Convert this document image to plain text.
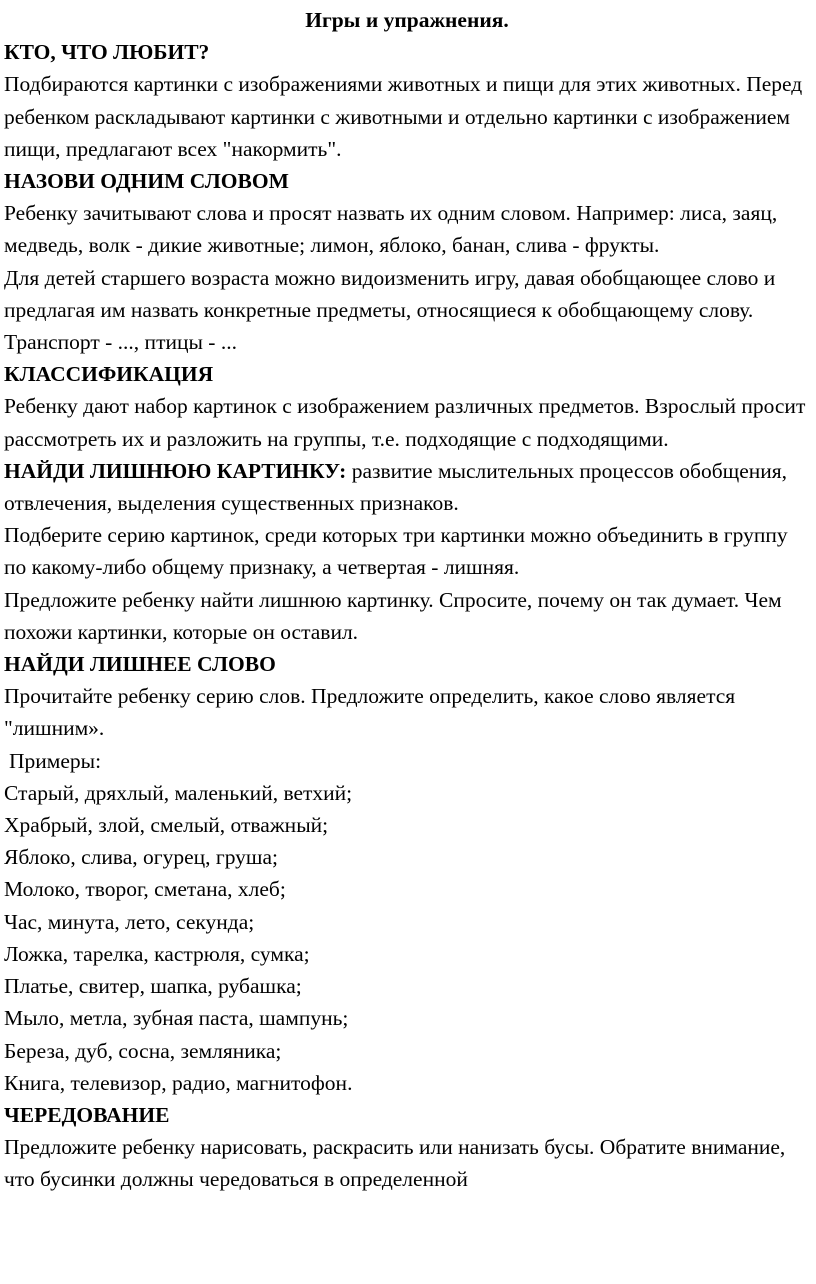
Игры и упражнения.

КТО, ЧТО ЛЮБИТ?

Подбираются картинки с изображениями животных и пищи для этих животных. Перед ребенком раскладывают картинки с животными и отдельно картинки с изображением пищи, предлагают всех "накормить".

НАЗОВИ ОДНИМ СЛОВОМ

Ребенку зачитывают слова и просят назвать их одним словом. Например: лиса, заяц, медведь, волк - дикие животные; лимон, яблоко, банан, слива - фрукты.

Для детей старшего возраста можно видоизменить игру, давая обобщающее слово и предлагая им назвать конкретные предметы, относящиеся к обобщающему слову. Транспорт - ..., птицы - ...

КЛАССИФИКАЦИЯ

Ребенку дают набор картинок с изображением различных предметов. Взрослый просит рассмотреть их и разложить на группы, т.е. подходящие с подходящими.

НАЙДИ ЛИШНЮЮ КАРТИНКУ: развитие мыслительных процессов обобщения, отвлечения, выделения существенных признаков.

Подберите серию картинок, среди которых три картинки можно объединить в группу по какому-либо общему признаку, а четвертая - лишняя.

Предложите ребенку найти лишнюю картинку. Спросите, почему он так думает. Чем похожи картинки, которые он оставил.

НАЙДИ ЛИШНЕЕ СЛОВО

Прочитайте ребенку серию слов. Предложите определить, какое слово является "лишним».

Примеры:

Старый, дряхлый, маленький, ветхий;

Храбрый, злой, смелый, отважный;

Яблоко, слива, огурец, груша;

Молоко, творог, сметана, хлеб;

Час, минута, лето, секунда;

Ложка, тарелка, кастрюля, сумка;

Платье, свитер, шапка, рубашка;

Мыло, метла, зубная паста, шампунь;

Береза, дуб, сосна, земляника;

Книга, телевизор, радио, магнитофон.

ЧЕРЕДОВАНИЕ

Предложите ребенку нарисовать, раскрасить или нанизать бусы. Обратите внимание, что бусинки должны чередоваться в определенной
